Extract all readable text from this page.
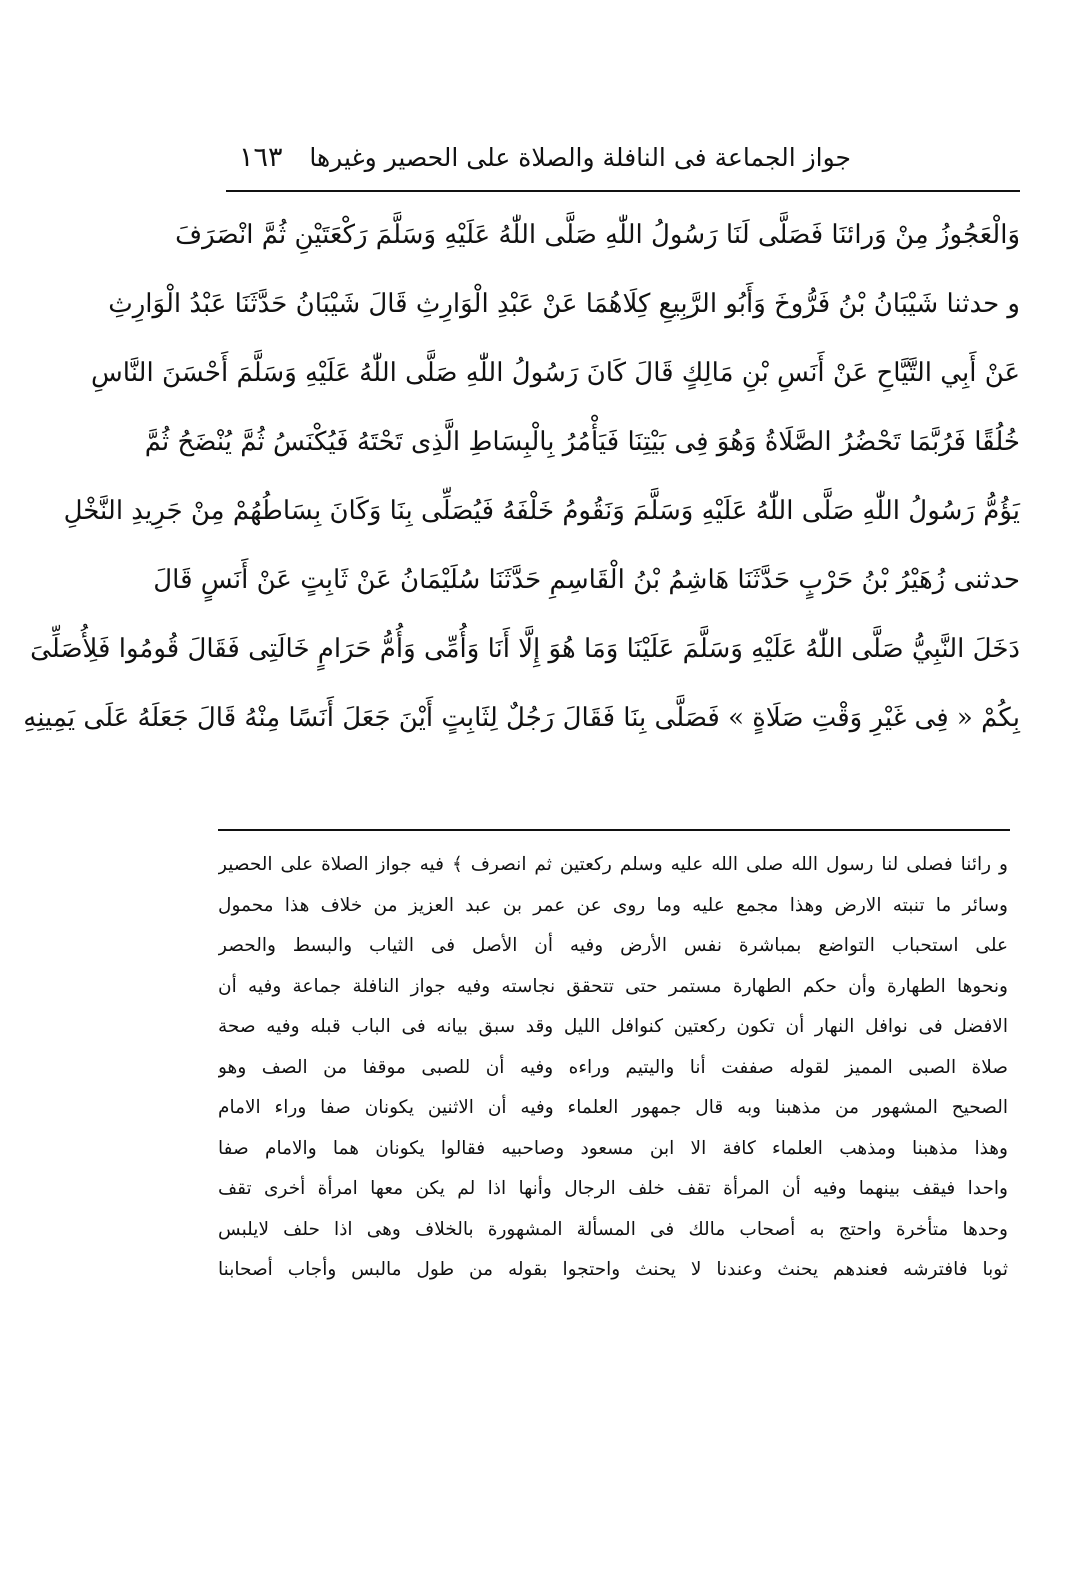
جواز الجماعة فى النافلة والصلاة على الحصير وغيرها
١٦٣
وَالْعَجُوزُ مِنْ وَرائنَا فَصَلَّى لَنَا رَسُولُ اللّٰهِ صَلَّى اللّٰهُ عَلَيْهِ وَسَلَّمَ رَكْعَتَيْنِ ثُمَّ انْصَرَفَ
و حدثنا شَيْبَانُ بْنُ فَرُّوخَ وَأَبُو الرَّبِيعِ كِلَاهُمَا عَنْ عَبْدِ الْوَارِثِ قَالَ شَيْبَانُ حَدَّثَنَا عَبْدُ الْوَارِثِ
عَنْ أَبِي التَّيَّاحِ عَنْ أَنَسِ بْنِ مَالِكٍ قَالَ كَانَ رَسُولُ اللّٰهِ صَلَّى اللّٰهُ عَلَيْهِ وَسَلَّمَ أَحْسَنَ النَّاسِ
خُلُقًا فَرُبَّمَا تَحْضُرُ الصَّلَاةُ وَهُوَ فِى بَيْتِنَا فَيَأْمُرُ بِالْبِسَاطِ الَّذِى تَحْتَهُ فَيُكْنَسُ ثُمَّ يُنْضَحُ ثُمَّ
يَؤُمُّ رَسُولُ اللّٰهِ صَلَّى اللّٰهُ عَلَيْهِ وَسَلَّمَ وَنَقُومُ خَلْفَهُ فَيُصَلِّى بِنَا وَكَانَ بِسَاطُهُمْ مِنْ جَرِيدِ النَّخْلِ
حدثنى زُهَيْرُ بْنُ حَرْبٍ حَدَّثَنَا هَاشِمُ بْنُ الْقَاسِمِ حَدَّثَنَا سُلَيْمَانُ عَنْ ثَابِتٍ عَنْ أَنَسٍ قَالَ
دَخَلَ النَّبِيُّ صَلَّى اللّٰهُ عَلَيْهِ وَسَلَّمَ عَلَيْنَا وَمَا هُوَ إِلَّا أَنَا وَأُمِّى وَأُمُّ حَرَامٍ خَالَتِى فَقَالَ قُومُوا فَلِأُصَلِّىَ
بِكُمْ « فِى غَيْرِ وَقْتِ صَلَاةٍ » فَصَلَّى بِنَا فَقَالَ رَجُلٌ لِثَابِتٍ أَيْنَ جَعَلَ أَنَسًا مِنْهُ قَالَ جَعَلَهُ عَلَى يَمِينِهِ
و رائنا فصلى لنا رسول الله صلى الله عليه وسلم ركعتين ثم انصرف ﴾ فيه جواز الصلاة على الحصير
وسائر ما تنبته الارض وهذا مجمع عليه وما روى عن عمر بن عبد العزيز من خلاف هذا محمول
على استحباب التواضع بمباشرة نفس الأرض وفيه أن الأصل فى الثياب والبسط والحصر
ونحوها الطهارة وأن حكم الطهارة مستمر حتى تتحقق نجاسته وفيه جواز النافلة جماعة وفيه أن
الافضل فى نوافل النهار أن تكون ركعتين كنوافل الليل وقد سبق بيانه فى الباب قبله وفيه صحة
صلاة الصبى المميز لقوله صففت أنا واليتيم وراءه وفيه أن للصبى موقفا من الصف وهو
الصحيح المشهور من مذهبنا وبه قال جمهور العلماء وفيه أن الاثنين يكونان صفا وراء الامام
وهذا مذهبنا ومذهب العلماء كافة الا ابن مسعود وصاحبيه فقالوا يكونان هما والامام صفا
واحدا فيقف بينهما وفيه أن المرأة تقف خلف الرجال وأنها اذا لم يكن معها امرأة أخرى تقف
وحدها متأخرة واحتج به أصحاب مالك فى المسألة المشهورة بالخلاف وهى اذا حلف لايلبس
ثوبا فافترشه فعندهم يحنث وعندنا لا يحنث واحتجوا بقوله من طول مالبس وأجاب أصحابنا
